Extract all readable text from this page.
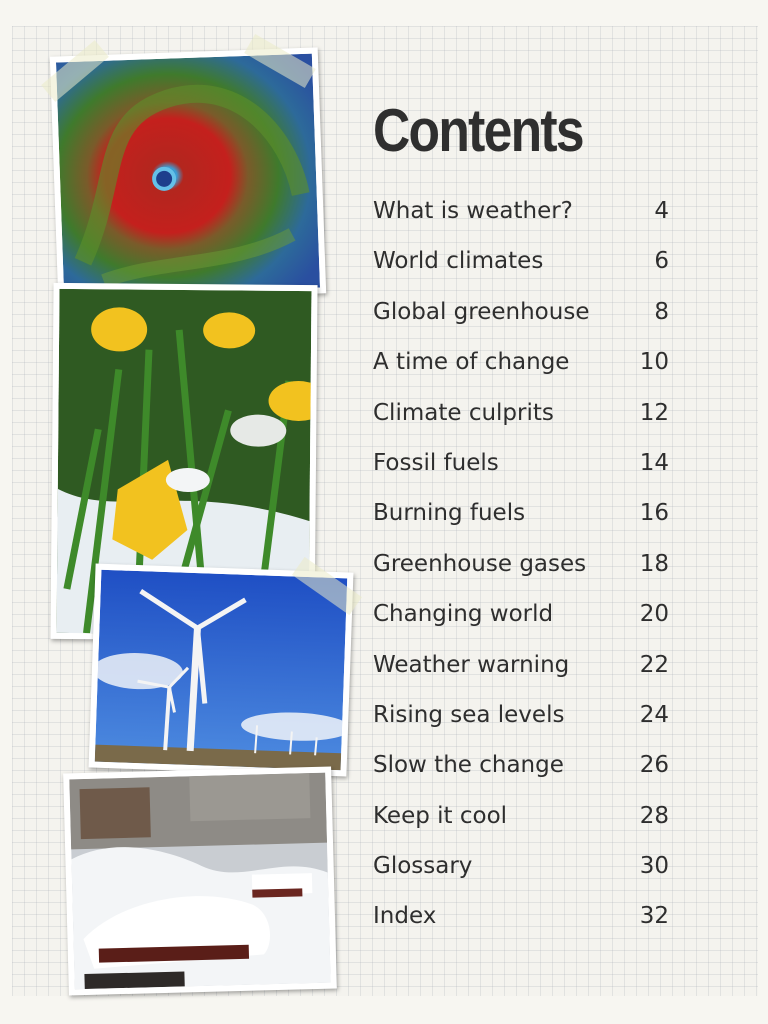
Contents
What is weather?	4
World climates	6
Global greenhouse	8
A time of change	10
Climate culprits	12
Fossil fuels	14
Burning fuels	16
Greenhouse gases 18
Changing world	20
Weather warning	22
Rising sea levels	24
Slow the change	26
Keep it cool	28
Glossary	30
Index	32
